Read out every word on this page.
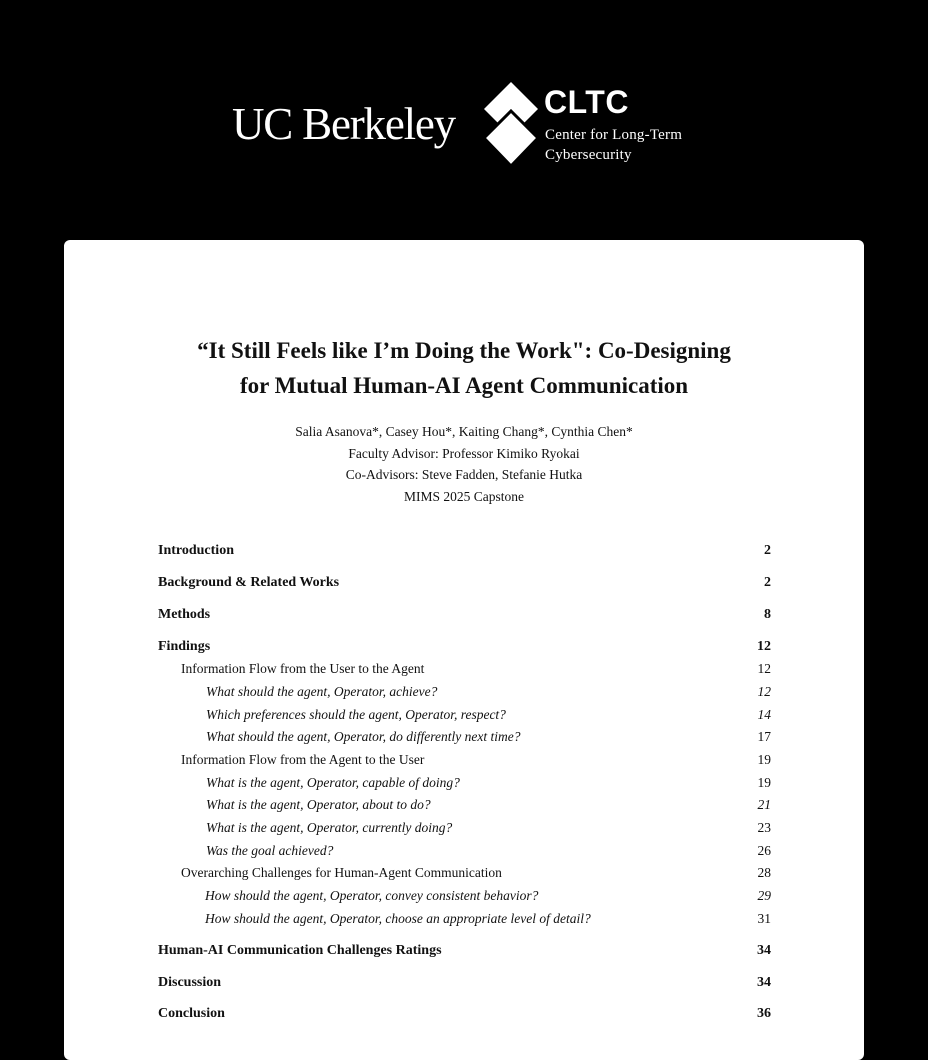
UC Berkeley	CLTC
Center for Long-Term
Cybersecurity
“It Still Feels like I’m Doing the Work": Co-Designing
for Mutual Human-AI Agent Communication
Salia Asanova*, Casey Hou*, Kaiting Chang*, Cynthia Chen*
Faculty Advisor: Professor Kimiko Ryokai
Co-Advisors: Steve Fadden, Stefanie Hutka
MIMS 2025 Capstone
Introduction	2
Background & Related Works	2
Methods	8
Findings	12
Information Flow from the User to the Agent	12
What should the agent, Operator, achieve?	12
Which preferences should the agent, Operator, respect?	14
What should the agent, Operator, do differently next time?	17
Information Flow from the Agent to the User	19
What is the agent, Operator, capable of doing?	19
What is the agent, Operator, about to do?	21
What is the agent, Operator, currently doing?	23
Was the goal achieved?	26
Overarching Challenges for Human-Agent Communication	28
How should the agent, Operator, convey consistent behavior?	29
How should the agent, Operator, choose an appropriate level of detail?	31
Human-AI Communication Challenges Ratings	34
Discussion	34
Conclusion	36
